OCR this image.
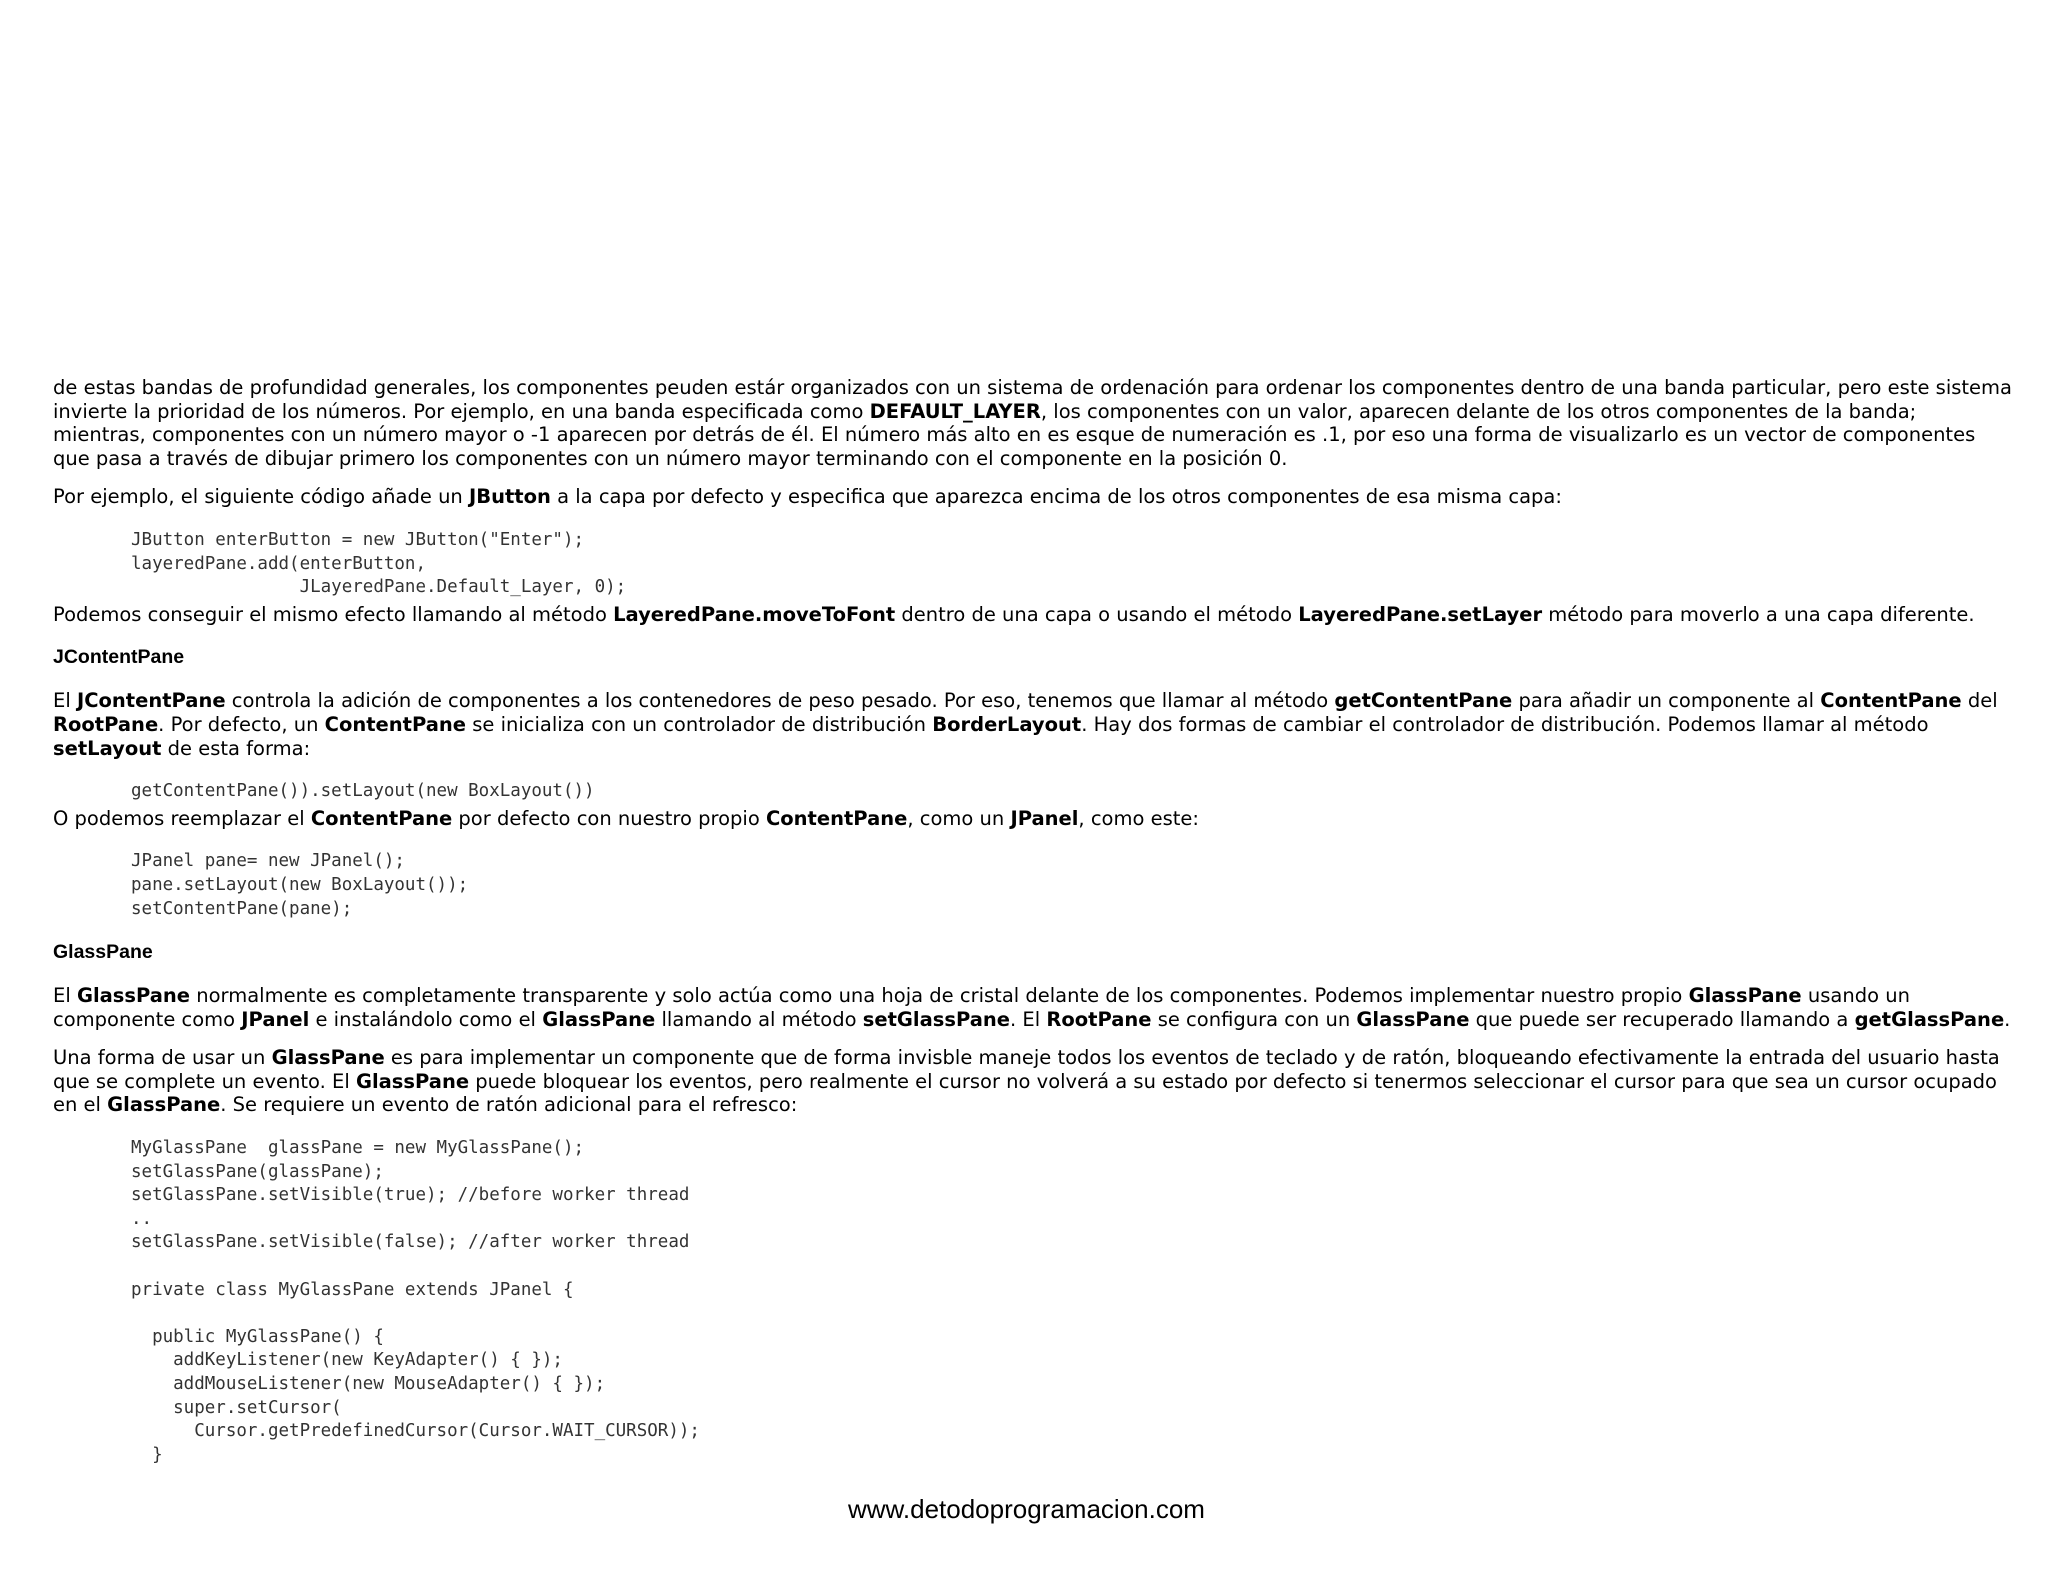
de estas bandas de profundidad generales, los componentes peuden estár organizados con un sistema de ordenación para ordenar los componentes dentro de una banda particular, pero este sistema invierte la prioridad de los números. Por ejemplo, en una banda especificada como DEFAULT_LAYER, los componentes con un valor, aparecen delante de los otros componentes de la banda; mientras, componentes con un número mayor o -1 aparecen por detrás de él. El número más alto en es esque de numeración es .1, por eso una forma de visualizarlo es un vector de componentes que pasa a través de dibujar primero los componentes con un número mayor terminando con el componente en la posición 0.

Por ejemplo, el siguiente código añade un JButton a la capa por defecto y especifica que aparezca encima de los otros componentes de esa misma capa:

JButton enterButton = new JButton("Enter");
layeredPane.add(enterButton,
JLayeredPane.Default_Layer, 0);

Podemos conseguir el mismo efecto llamando al método LayeredPane.moveToFont dentro de una capa o usando el método LayeredPane.setLayer método para moverlo a una capa diferente.

JContentPane

El JContentPane controla la adición de componentes a los contenedores de peso pesado. Por eso, tenemos que llamar al método getContentPane para añadir un componente al ContentPane del RootPane. Por defecto, un ContentPane se inicializa con un controlador de distribución BorderLayout. Hay dos formas de cambiar el controlador de distribución. Podemos llamar al método setLayout de esta forma:

getContentPane()).setLayout(new BoxLayout())

O podemos reemplazar el ContentPane por defecto con nuestro propio ContentPane, como un JPanel, como este:

JPanel pane= new JPanel();
pane.setLayout(new BoxLayout());
setContentPane(pane);
GlassPane

El GlassPane normalmente es completamente transparente y solo actúa como una hoja de cristal delante de los componentes. Podemos implementar nuestro propio GlassPane usando un componente como JPanel e instalándolo como el GlassPane llamando al método setGlassPane. El RootPane se configura con un GlassPane que puede ser recuperado llamando a getGlassPane.

Una forma de usar un GlassPane es para implementar un componente que de forma invisble maneje todos los eventos de teclado y de ratón, bloqueando efectivamente la entrada del usuario hasta que se complete un evento. El GlassPane puede bloquear los eventos, pero realmente el cursor no volverá a su estado por defecto si tenermos seleccionar el cursor para que sea un cursor ocupado en el GlassPane. Se requiere un evento de ratón adicional para el refresco:

MyGlassPane  glassPane = new MyGlassPane();
setGlassPane(glassPane);
setGlassPane.setVisible(true); //before worker thread
..
setGlassPane.setVisible(false); //after worker thread

private class MyGlassPane extends JPanel {

public MyGlassPane() {
addKeyListener(new KeyAdapter() { });
addMouseListener(new MouseAdapter() { });
super.setCursor(
Cursor.getPredefinedCursor(Cursor.WAIT_CURSOR));
}
www.detodoprogramacion.com
